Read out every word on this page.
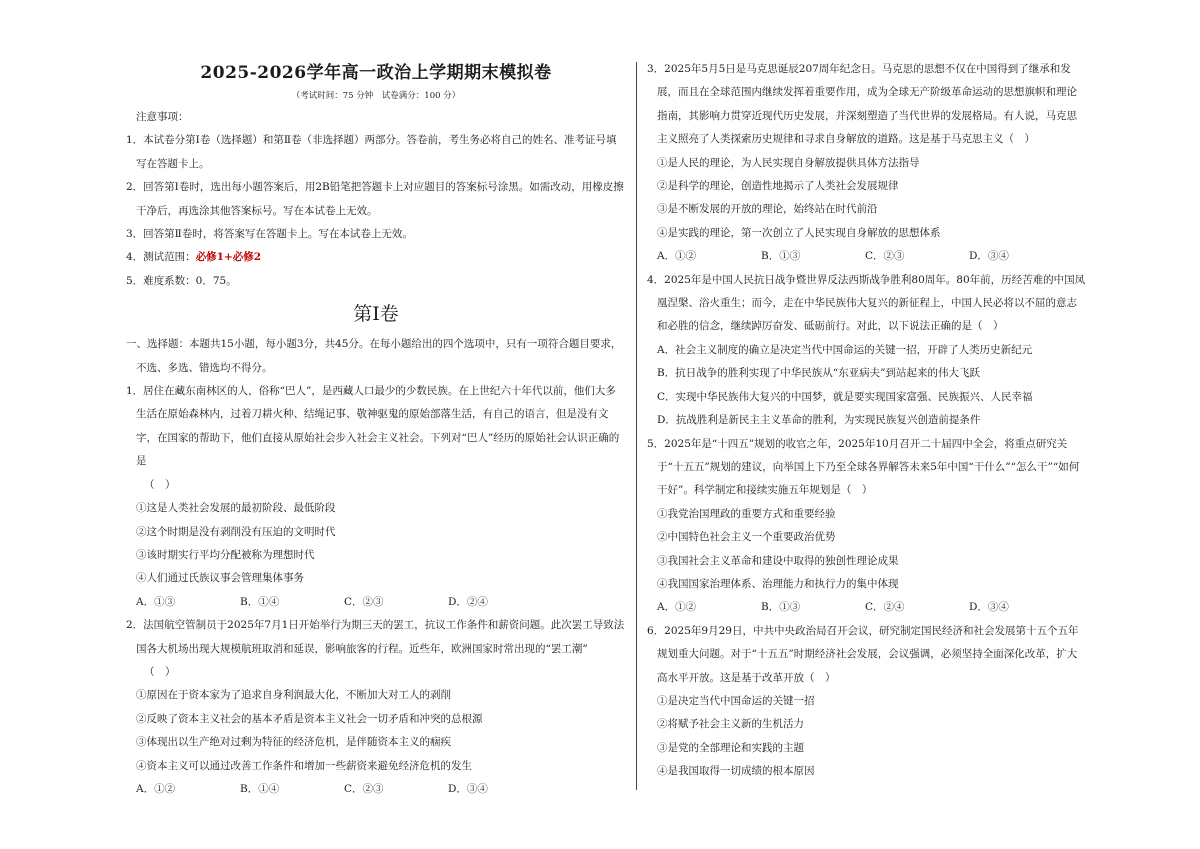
2025-2026学年高一政治上学期期末模拟卷
（考试时间：75 分钟　试卷满分：100 分）
注意事项：
1．本试卷分第Ⅰ卷（选择题）和第Ⅱ卷（非选择题）两部分。答卷前，考生务必将自己的姓名、准考证号填写在答题卡上。
2．回答第Ⅰ卷时，选出每小题答案后，用2B铅笔把答题卡上对应题目的答案标号涂黑。如需改动，用橡皮擦干净后，再选涂其他答案标号。写在本试卷上无效。
3．回答第Ⅱ卷时，将答案写在答题卡上。写在本试卷上无效。
4．测试范围：必修1+必修2
5．难度系数：0．75。
第Ⅰ卷
一、选择题：本题共15小题，每小题3分，共45分。在每小题给出的四个选项中，只有一项符合题目要求，不选、多选、错选均不得分。
1．居住在藏东南林区的人，俗称“巴人”，是西藏人口最少的少数民族。在上世纪六十年代以前，他们大多生活在原始森林内，过着刀耕火种、结绳记事、敬神驱鬼的原始部落生活，有自己的语言，但是没有文字，在国家的帮助下，他们直接从原始社会步入社会主义社会。下列对“巴人”经历的原始社会认识正确的是
（　）
①这是人类社会发展的最初阶段、最低阶段
②这个时期是没有剥削没有压迫的文明时代
③该时期实行平均分配被称为理想时代
④人们通过氏族议事会管理集体事务
A．①③	B．①④	C．②③	D．②④
2．法国航空管制员于2025年7月1日开始举行为期三天的罢工，抗议工作条件和薪资问题。此次罢工导致法国各大机场出现大规模航班取消和延误，影响旅客的行程。近些年，欧洲国家时常出现的“罢工潮”
（　）
①原因在于资本家为了追求自身利润最大化，不断加大对工人的剥削
②反映了资本主义社会的基本矛盾是资本主义社会一切矛盾和冲突的总根源
③体现出以生产绝对过剩为特征的经济危机，是伴随资本主义的痼疾
④资本主义可以通过改善工作条件和增加一些薪资来避免经济危机的发生
A．①②	B．①④	C．②③	D．③④
3．2025年5月5日是马克思诞辰207周年纪念日。马克思的思想不仅在中国得到了继承和发展，而且在全球范围内继续发挥着重要作用，成为全球无产阶级革命运动的思想旗帜和理论指南，其影响力贯穿近现代历史发展，并深刻塑造了当代世界的发展格局。有人说，马克思主义照亮了人类探索历史规律和寻求自身解放的道路。这是基于马克思主义（　）
①是人民的理论，为人民实现自身解放提供具体方法指导
②是科学的理论，创造性地揭示了人类社会发展规律
③是不断发展的开放的理论，始终站在时代前沿
④是实践的理论，第一次创立了人民实现自身解放的思想体系
A．①②	B．①③	C．②③	D．③④
4．2025年是中国人民抗日战争暨世界反法西斯战争胜利80周年。80年前，历经苦难的中国凤凰涅槃、浴火重生；而今，走在中华民族伟大复兴的新征程上，中国人民必将以不屈的意志和必胜的信念，继续踔厉奋发、砥砺前行。对此，以下说法正确的是（　）
A．社会主义制度的确立是决定当代中国命运的关键一招，开辟了人类历史新纪元
B．抗日战争的胜利实现了中华民族从“东亚病夫”到站起来的伟大飞跃
C．实现中华民族伟大复兴的中国梦，就是要实现国家富强、民族振兴、人民幸福
D．抗战胜利是新民主主义革命的胜利，为实现民族复兴创造前提条件
5．2025年是“十四五”规划的收官之年，2025年10月召开二十届四中全会，将重点研究关于“十五五”规划的建议，向举国上下乃至全球各界解答未来5年中国“干什么”“怎么干”“如何干好”。科学制定和接续实施五年规划是（　）
①我党治国理政的重要方式和重要经验
②中国特色社会主义一个重要政治优势
③我国社会主义革命和建设中取得的独创性理论成果
④我国国家治理体系、治理能力和执行力的集中体现
A．①②	B．①③	C．②④	D．③④
6．2025年9月29日，中共中央政治局召开会议，研究制定国民经济和社会发展第十五个五年规划重大问题。对于“十五五”时期经济社会发展，会议强调，必须坚持全面深化改革，扩大高水平开放。这是基于改革开放（　）
①是决定当代中国命运的关键一招
②将赋予社会主义新的生机活力
③是党的全部理论和实践的主题
④是我国取得一切成绩的根本原因
